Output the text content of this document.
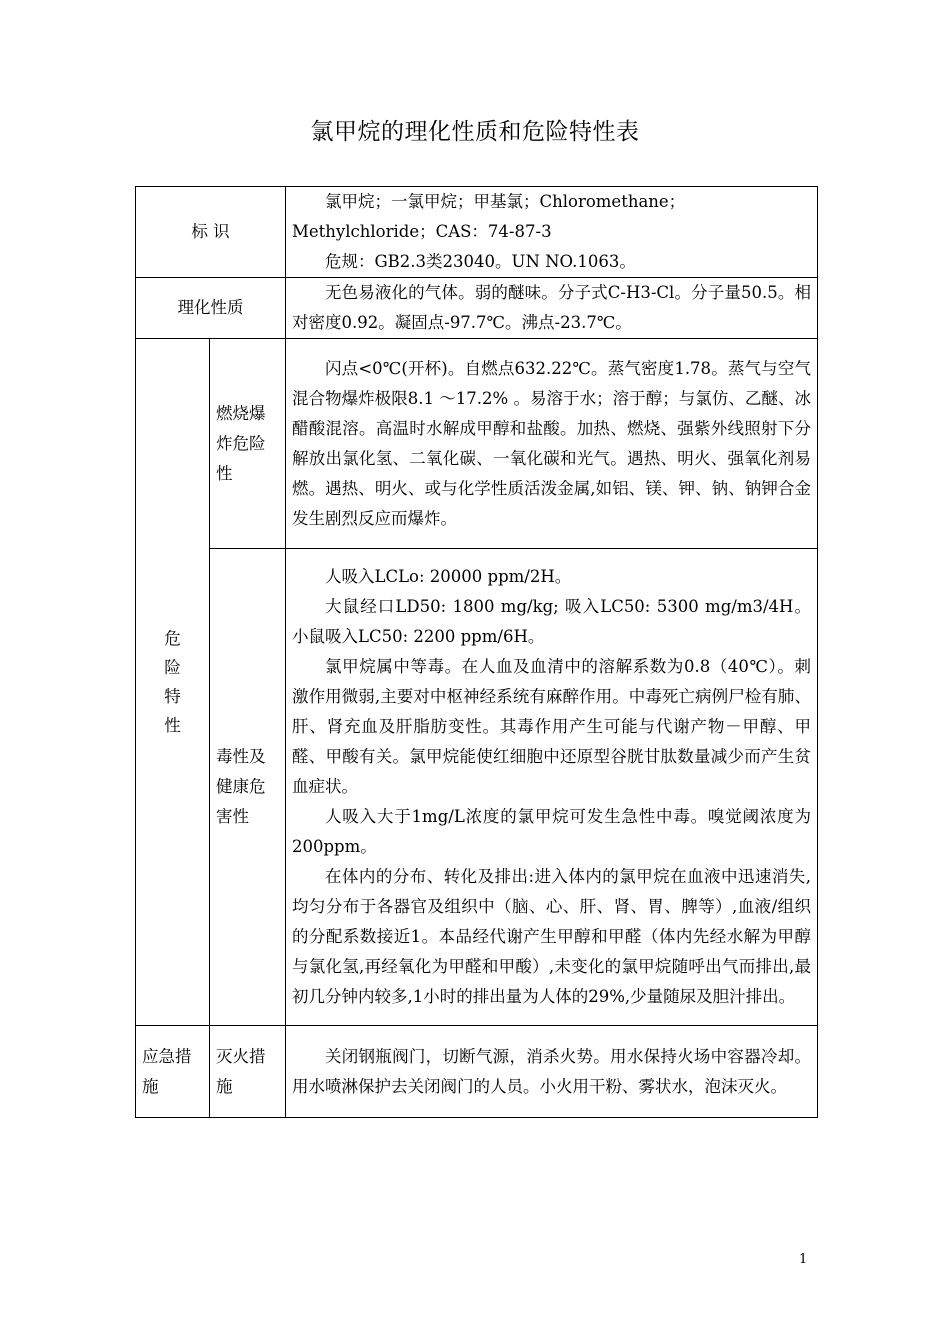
氯甲烷的理化性质和危险特性表
标 识		氯甲烷；一氯甲烷；甲基氯；Chloromethane；

Methylchloride；CAS：74-87-3

危规：GB2.3类23040。UN NO.1063。

理化性质		无色易液化的气体。弱的醚味。分子式C-H3-Cl。分子量50.5。相对密度0.92。凝固点-97.7℃。沸点-23.7℃。

危
险
特
性	燃烧爆炸危险性	闪点<0℃(开杯)。自燃点632.22℃。蒸气密度1.78。蒸气与空气混合物爆炸极限8.1 ～17.2% 。易溶于水；溶于醇；与氯仿、乙醚、冰醋酸混溶。高温时水解成甲醇和盐酸。加热、燃烧、强紫外线照射下分解放出氯化氢、二氧化碳、一氧化碳和光气。遇热、明火、强氧化剂易燃。遇热、明火、或与化学性质活泼金属,如铝、镁、钾、钠、钠钾合金发生剧烈反应而爆炸。

	毒性及健康危害性	人吸入LCLo: 20000 ppm/2H。

大鼠经口LD50: 1800 mg/kg; 吸入LC50: 5300 mg/m3/4H。小鼠吸入LC50: 2200 ppm/6H。

氯甲烷属中等毒。在人血及血清中的溶解系数为0.8（40℃）。刺激作用微弱,主要对中枢神经系统有麻醉作用。中毒死亡病例尸检有肺、肝、肾充血及肝脂肪变性。其毒作用产生可能与代谢产物－甲醇、甲醛、甲酸有关。氯甲烷能使红细胞中还原型谷胱甘肽数量减少而产生贫血症状。

人吸入大于1mg/L浓度的氯甲烷可发生急性中毒。嗅觉阈浓度为200ppm。

在体内的分布、转化及排出:进入体内的氯甲烷在血液中迅速消失,均匀分布于各器官及组织中（脑、心、肝、肾、胃、脾等）,血液/组织的分配系数接近1。本品经代谢产生甲醇和甲醛（体内先经水解为甲醇与氯化氢,再经氧化为甲醛和甲酸）,未变化的氯甲烷随呼出气而排出,最初几分钟内较多,1小时的排出量为人体的29%,少量随尿及胆汁排出。

应急措施	灭火措施	关闭钢瓶阀门，切断气源，消杀火势。用水保持火场中容器冷却。用水喷淋保护去关闭阀门的人员。小火用干粉、雾状水，泡沫灭火。

1
